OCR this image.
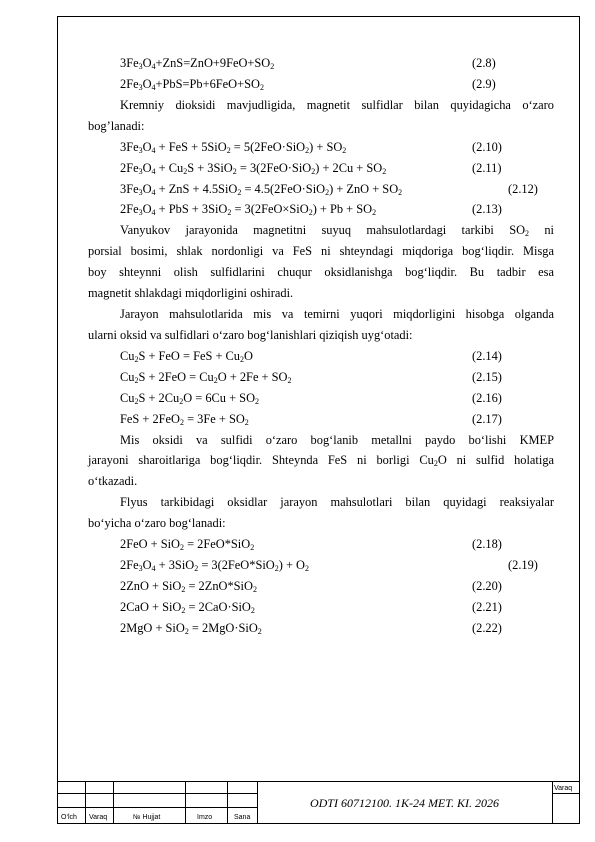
$3Fe_3O_4+ZnS=ZnO+9FeO+SO_2$	(2.8)
$2Fe_3O_4+PbS=Pb+6FeO+SO_2$	(2.9)
Kremniy dioksidi mavjudligida, magnetit sulfidlar bilan quyidagicha o‘zaro
bog’lanadi:
$3Fe_3O_4$ + FeS + $5SiO_2 = 5(2FeO\cdot SiO_2) + SO_2$	(2.10)
$2Fe_3O_4 + Cu_2S + 3SiO_2 = 3(2FeO\cdot SiO_2) + 2Cu + SO_2$	(2.11)
$3Fe_3O_4$ + ZnS + 4.5SiO$_2$ = 4.5(2FeO·SiO$_2$) + ZnO + $SO_2$	(2.12)
$2Fe_3O_4$ + PbS + $3SiO_2 = 3(2FeO\times SiO_2) + Pb + SO_2$	(2.13)
Vanyukov jarayonida magnetitni suyuq mahsulotlardagi tarkibi $SO_2$ ni
porsial bosimi, shlak nordonligi va FeS ni shteyndagi miqdoriga bog‘liqdir. Misga
boy shteynni olish sulfidlarini chuqur oksidlanishga bog‘liqdir. Bu tadbir esa
magnetit shlakdagi miqdorligini oshiradi.
Jarayon mahsulotlarida mis va temirni yuqori miqdorligini hisobga olganda
ularni oksid va sulfidlari o‘zaro bog‘lanishlari qiziqish uyg‘otadi:
$Cu_2S$ + FeO = FeS + $Cu_2O$	(2.14)
$Cu_2S + 2FeO = Cu_2O + 2Fe + SO_2$	(2.15)
$Cu_2S + 2Cu_2O = 6Cu + SO_2$	(2.16)
FeS + $2FeO_2 = 3Fe + SO_2$	(2.17)
Mis oksidi va sulfidi o‘zaro bog‘lanib metallni paydo bo‘lishi KMEP
jarayoni sharoitlariga bog‘liqdir. Shteynda FeS ni borligi $Cu_2O$ ni sulfid holatiga
o‘tkazadi.
Flyus tarkibidagi oksidlar jarayon mahsulotlari bilan quyidagi reaksiyalar
bo‘yicha o‘zaro bog‘lanadi:
2FeO + SiO$_2$ = 2FeO*SiO$_2$	(2.18)
$2Fe_3O_4 + 3SiO_2 = 3(2FeO*SiO_2) + O_2$	(2.19)
2ZnO + SiO$_2$ = 2ZnO*SiO$_2$	(2.20)
2CaO + SiO$_2$ = 2CaO·SiO$_2$	(2.21)
2MgO + SiO$_2$ = 2MgO·SiO$_2$	(2.22)
O‘lch Varaq	№ Hujjat	Imzo	Sana
ODTI 60712100. 1K-24 MET. KI. 2026
Varaq
